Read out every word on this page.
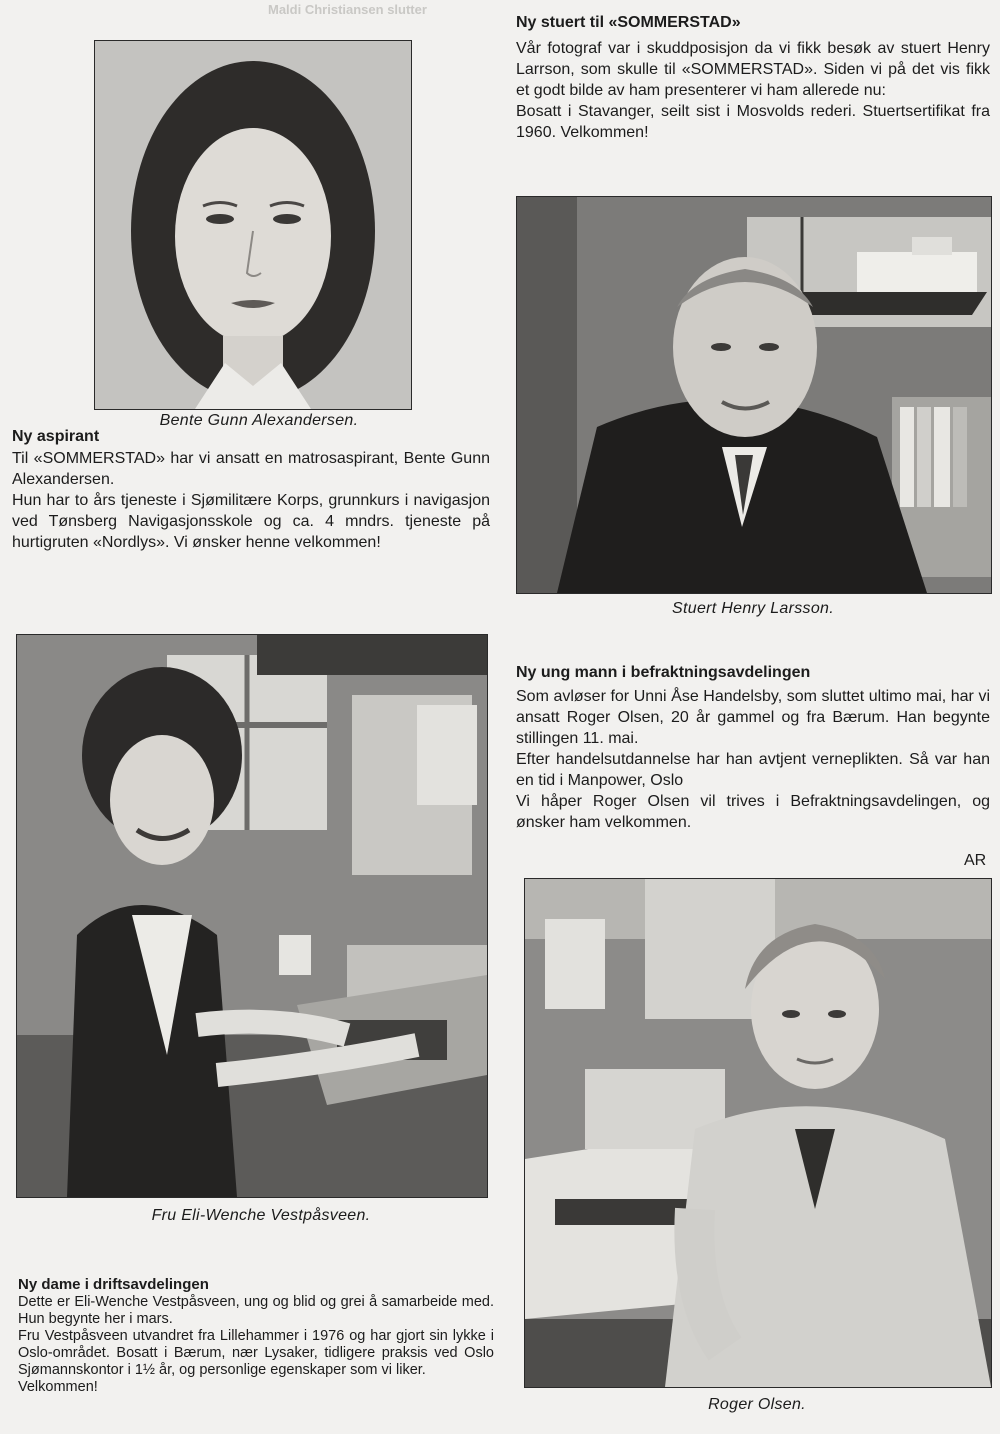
Maldi Christiansen slutter
Bente Gunn Alexandersen.
Ny aspirant

Til «SOMMERSTAD» har vi ansatt en matrosaspirant, Bente Gunn Alexandersen.

Hun har to års tjeneste i Sjømilitære Korps, grunnkurs i navigasjon ved Tønsberg Navigasjonsskole og ca. 4 mndrs. tjeneste på hurtigruten «Nordlys». Vi ønsker henne velkommen!

Fru Eli-Wenche Vestpåsveen.
Ny dame i driftsavdelingen

Dette er Eli-Wenche Vestpåsveen, ung og blid og grei å samarbeide med. Hun begynte her i mars.

Fru Vestpåsveen utvandret fra Lillehammer i 1976 og har gjort sin lykke i Oslo-området. Bosatt i Bærum, nær Lysaker, tidligere praksis ved Oslo Sjømannskontor i 1½ år, og personlige egenskaper som vi liker.

Velkommen!

Ny stuert til «SOMMERSTAD»

Vår fotograf var i skuddposisjon da vi fikk besøk av stuert Henry Larrson, som skulle til «SOMMERSTAD». Siden vi på det vis fikk et godt bilde av ham presenterer vi ham allerede nu:

Bosatt i Stavanger, seilt sist i Mosvolds rederi. Stuertsertifikat fra 1960. Velkommen!

Stuert Henry Larsson.
Ny ung mann i befraktningsavdelingen

Som avløser for Unni Åse Handelsby, som sluttet ultimo mai, har vi ansatt Roger Olsen, 20 år gammel og fra Bærum. Han begynte stillingen 11. mai.

Efter handelsutdannelse har han avtjent verneplikten. Så var han en tid i Manpower, Oslo

Vi håper Roger Olsen vil trives i Befraktningsavdelingen, og ønsker ham velkommen.

AR
Roger Olsen.
